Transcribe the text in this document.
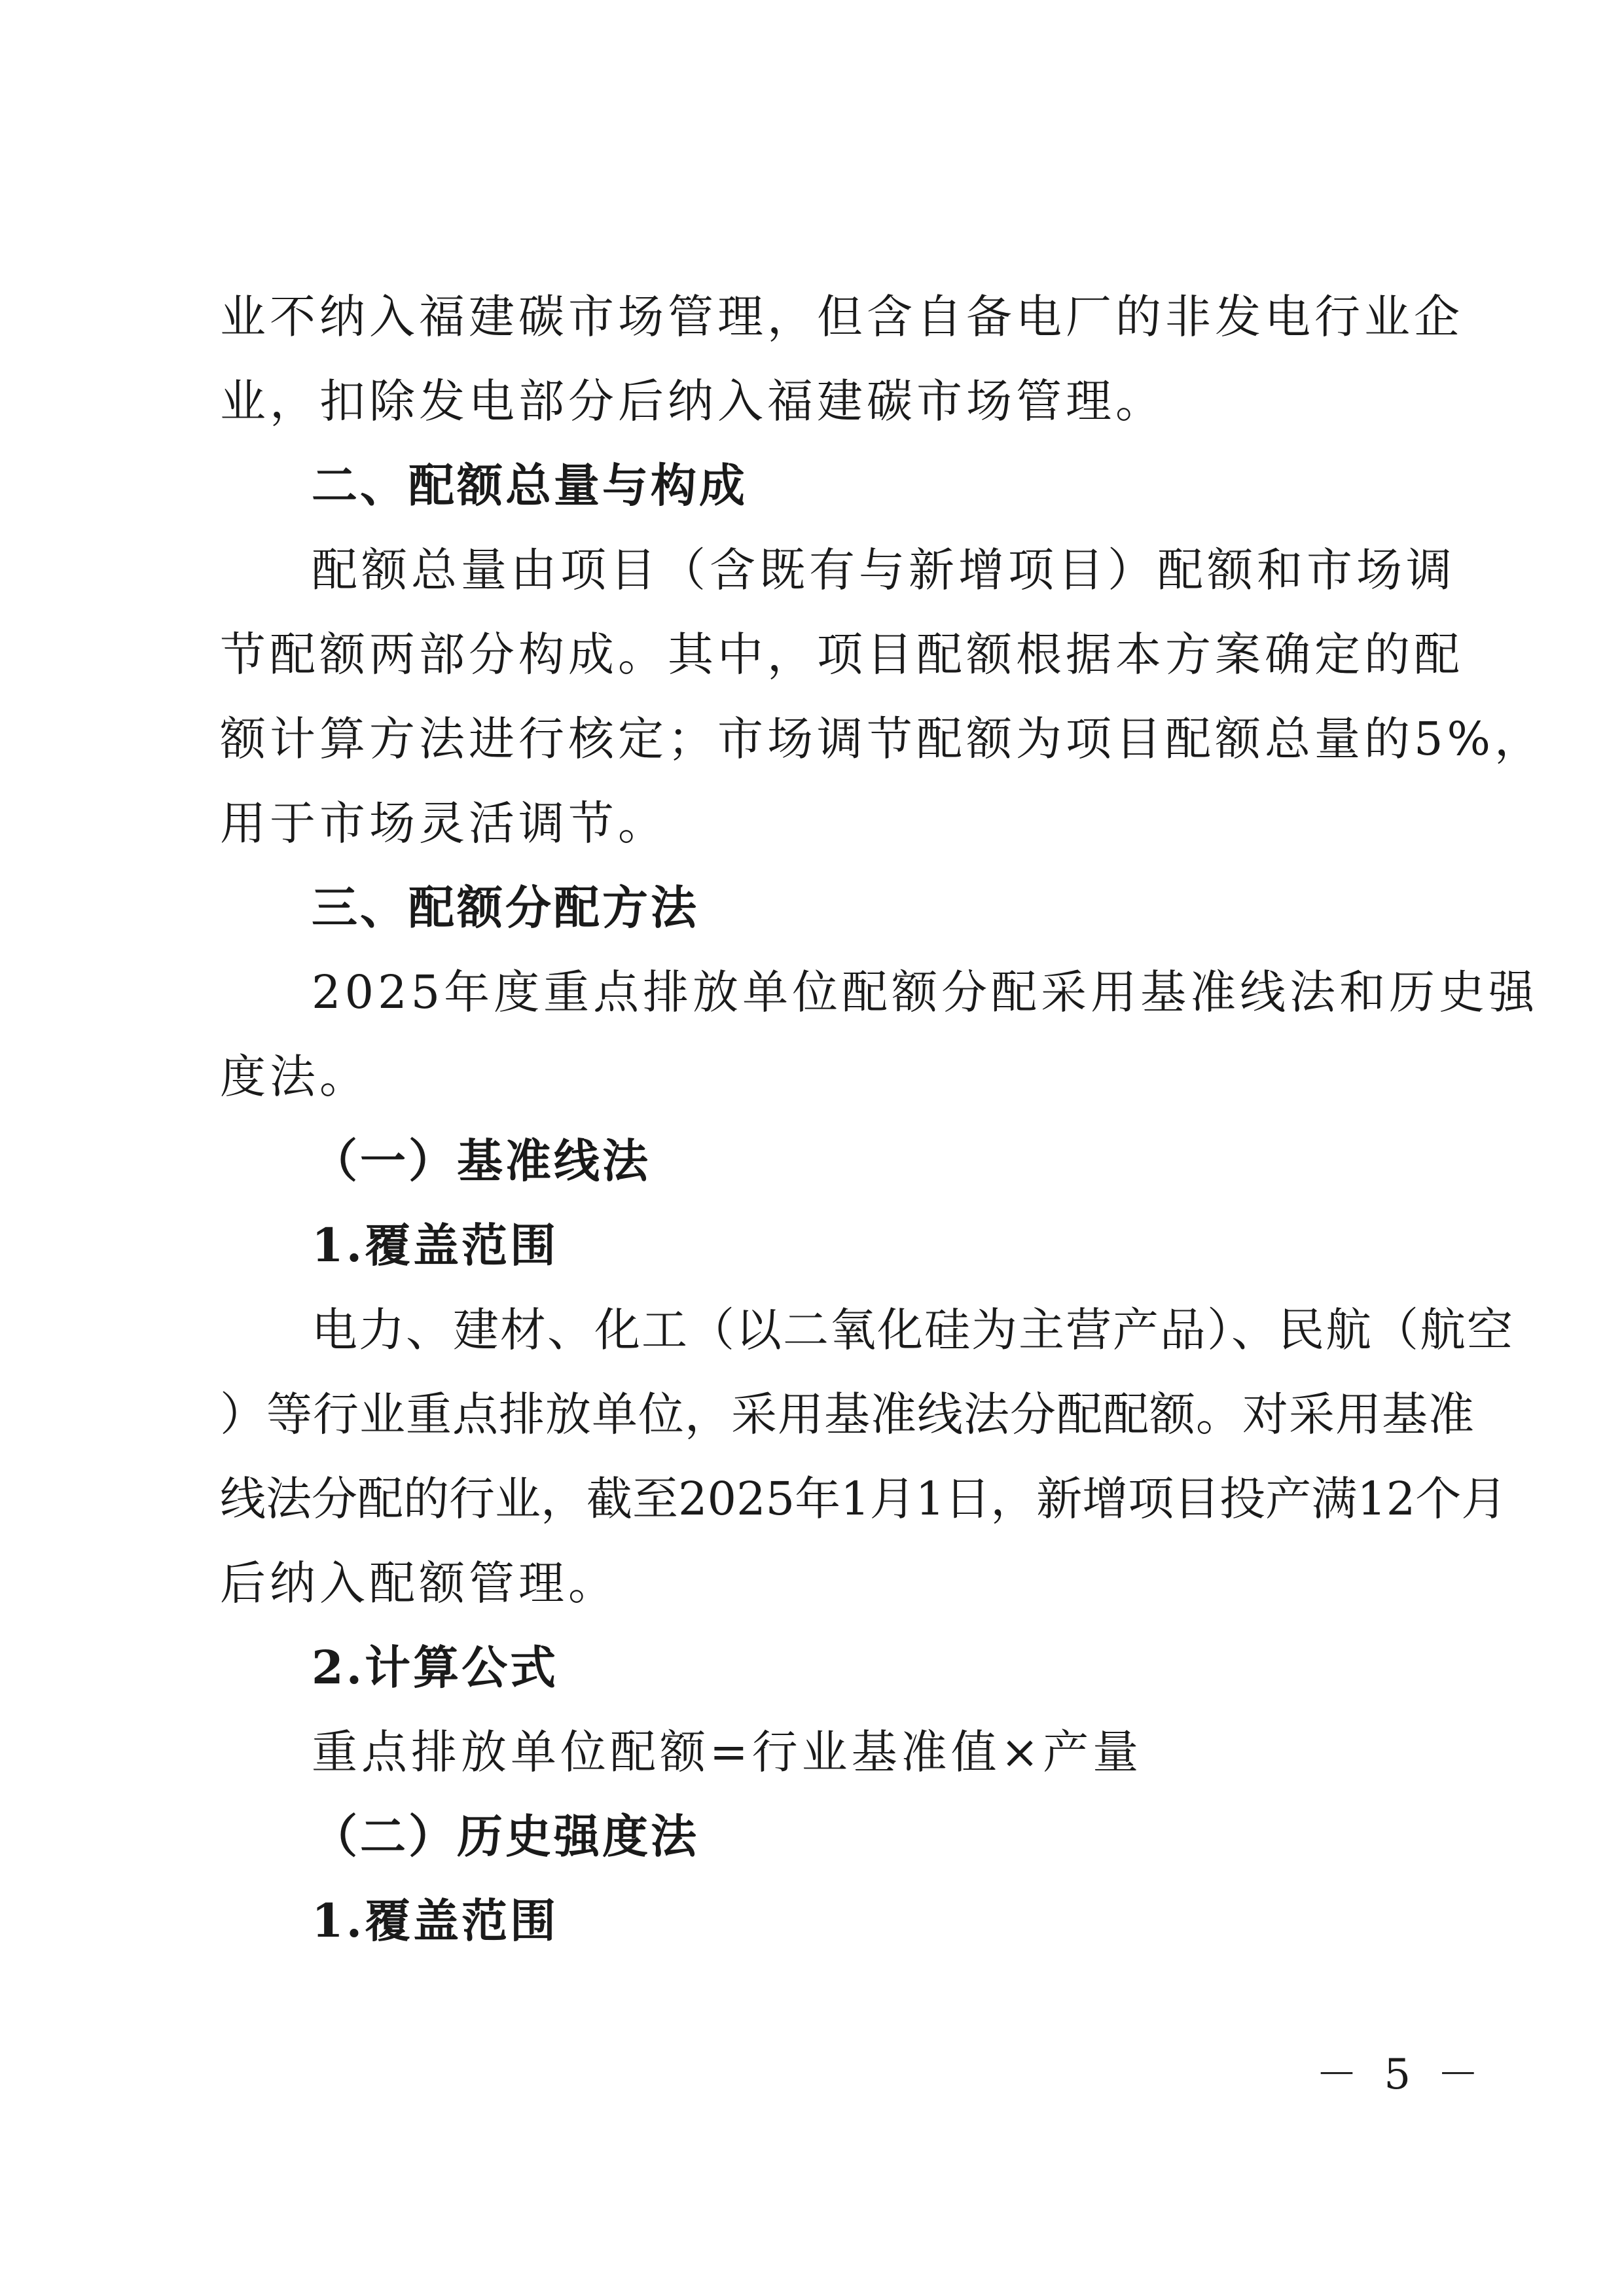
业不纳入福建碳市场管理，但含自备电厂的非发电行业企
业，扣除发电部分后纳入福建碳市场管理。
二、配额总量与构成
配额总量由项目（含既有与新增项目）配额和市场调
节配额两部分构成。其中，项目配额根据本方案确定的配
额计算方法进行核定；市场调节配额为项目配额总量的5%，
用于市场灵活调节。
三、配额分配方法
2025年度重点排放单位配额分配采用基准线法和历史强
度法。
（一）基准线法
1.覆盖范围
电力、建材、化工（以二氧化硅为主营产品）、民航（航空
）等行业重点排放单位，采用基准线法分配配额。对采用基准
线法分配的行业，截至2025年1月1日，新增项目投产满12个月
后纳入配额管理。
2.计算公式
重点排放单位配额=行业基准值×产量
（二）历史强度法
1.覆盖范围
－ 5 －
